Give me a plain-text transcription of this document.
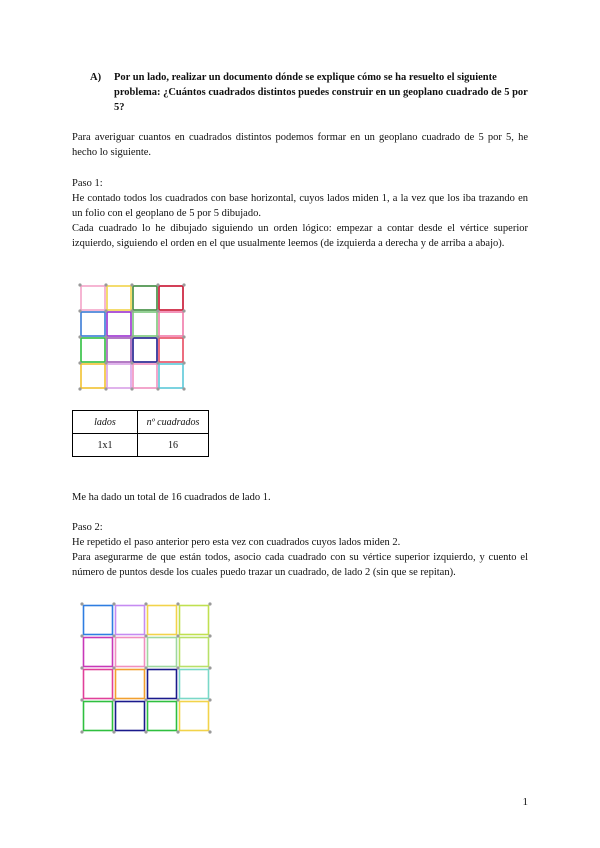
A) Por un lado, realizar un documento dónde se explique cómo se ha resuelto el siguiente problema: ¿Cuántos cuadrados distintos puedes construir en un geoplano cuadrado de 5 por 5?
Para averiguar cuantos en cuadrados distintos podemos formar en un geoplano cuadrado de 5 por 5, he hecho lo siguiente.
Paso 1:
He contado todos los cuadrados con base horizontal, cuyos lados miden 1, a la vez que los iba trazando en un folio con el geoplano de 5 por 5 dibujado.
Cada cuadrado lo he dibujado siguiendo un orden lógico: empezar a contar desde el vértice superior izquierdo, siguiendo el orden en el que usualmente leemos (de izquierda a derecha y de arriba a abajo).
lados	nº cuadrados
1x1	16
Me ha dado un total de 16 cuadrados de lado 1.
Paso 2:
He repetido el paso anterior pero esta vez con cuadrados cuyos lados miden 2.
Para asegurarme de que están todos, asocio cada cuadrado con su vértice superior izquierdo, y cuento el número de puntos desde los cuales puedo trazar un cuadrado, de lado 2 (sin que se repitan).
1
